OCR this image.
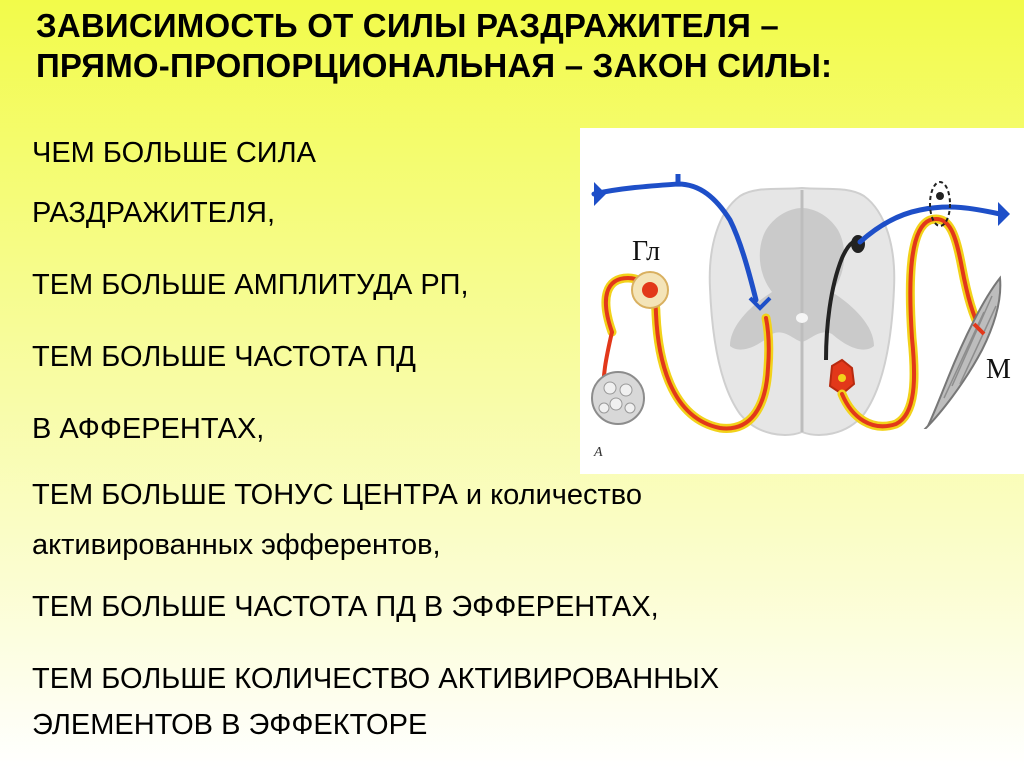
ЗАВИСИМОСТЬ ОТ СИЛЫ РАЗДРАЖИТЕЛЯ –
ПРЯМО-ПРОПОРЦИОНАЛЬНАЯ – ЗАКОН СИЛЫ:
ЧЕМ БОЛЬШЕ СИЛА
РАЗДРАЖИТЕЛЯ,
ТЕМ БОЛЬШЕ АМПЛИТУДА РП,
ТЕМ БОЛЬШЕ ЧАСТОТА ПД
В АФФЕРЕНТАХ,
ТЕМ БОЛЬШЕ ТОНУС ЦЕНТРА и количество
активированных эфферентов,
ТЕМ БОЛЬШЕ ЧАСТОТА ПД В ЭФФЕРЕНТАХ,
ТЕМ БОЛЬШЕ КОЛИЧЕСТВО АКТИВИРОВАННЫХ
ЭЛЕМЕНТОВ В ЭФФЕКТОРЕ
Гл
М
А
